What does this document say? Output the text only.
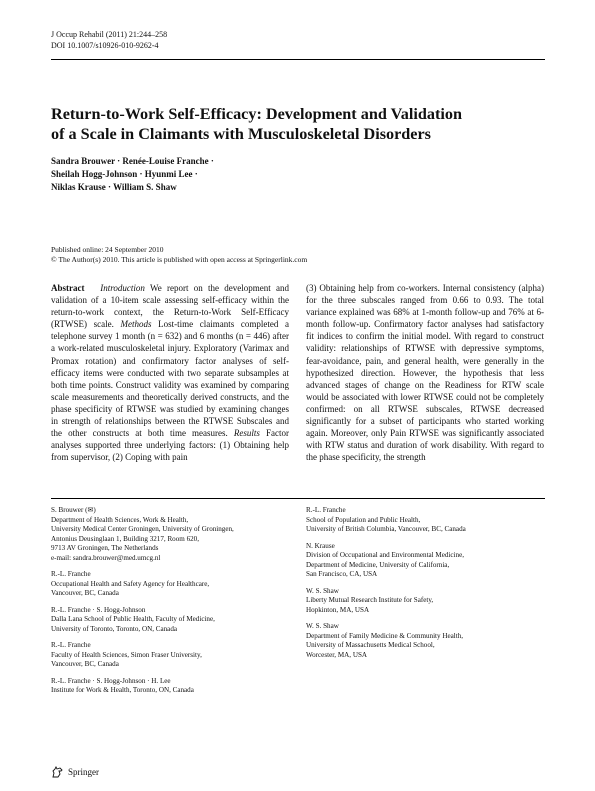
J Occup Rehabil (2011) 21:244–258
DOI 10.1007/s10926-010-9262-4
Return-to-Work Self-Efficacy: Development and Validation
of a Scale in Claimants with Musculoskeletal Disorders
Sandra Brouwer · Renée-Louise Franche ·
Sheilah Hogg-Johnson · Hyunmi Lee ·
Niklas Krause · William S. Shaw
Published online: 24 September 2010
© The Author(s) 2010. This article is published with open access at Springerlink.com
Abstract Introduction We report on the development and validation of a 10-item scale assessing self-efficacy within the return-to-work context, the Return-to-Work Self-Efficacy (RTWSE) scale. Methods Lost-time claimants completed a telephone survey 1 month (n = 632) and 6 months (n = 446) after a work-related musculoskeletal injury. Exploratory (Varimax and Promax rotation) and confirmatory factor analyses of self-efficacy items were conducted with two separate subsamples at both time points. Construct validity was examined by comparing scale measurements and theoretically derived constructs, and the phase specificity of RTWSE was studied by examining changes in strength of relationships between the RTWSE Subscales and the other constructs at both time measures. Results Factor analyses supported three underlying factors: (1) Obtaining help from supervisor, (2) Coping with pain
(3) Obtaining help from co-workers. Internal consistency (alpha) for the three subscales ranged from 0.66 to 0.93. The total variance explained was 68% at 1-month follow-up and 76% at 6-month follow-up. Confirmatory factor analyses had satisfactory fit indices to confirm the initial model. With regard to construct validity: relationships of RTWSE with depressive symptoms, fear-avoidance, pain, and general health, were generally in the hypothesized direction. However, the hypothesis that less advanced stages of change on the Readiness for RTW scale would be associated with lower RTWSE could not be completely confirmed: on all RTWSE subscales, RTWSE decreased significantly for a subset of participants who started working again. Moreover, only Pain RTWSE was significantly associated with RTW status and duration of work disability. With regard to the phase specificity, the strength
S. Brouwer (✉)
Department of Health Sciences, Work & Health,
University Medical Center Groningen, University of Groningen,
Antonius Deusinglaan 1, Building 3217, Room 620,
9713 AV Groningen, The Netherlands
e-mail: sandra.brouwer@med.umcg.nl
R.-L. Franche
Occupational Health and Safety Agency for Healthcare,
Vancouver, BC, Canada
R.-L. Franche · S. Hogg-Johnson
Dalla Lana School of Public Health, Faculty of Medicine,
University of Toronto, Toronto, ON, Canada
R.-L. Franche
Faculty of Health Sciences, Simon Fraser University,
Vancouver, BC, Canada
R.-L. Franche · S. Hogg-Johnson · H. Lee
Institute for Work & Health, Toronto, ON, Canada
R.-L. Franche
School of Population and Public Health,
University of British Columbia, Vancouver, BC, Canada
N. Krause
Division of Occupational and Environmental Medicine,
Department of Medicine, University of California,
San Francisco, CA, USA
W. S. Shaw
Liberty Mutual Research Institute for Safety,
Hopkinton, MA, USA
W. S. Shaw
Department of Family Medicine & Community Health,
University of Massachusetts Medical School,
Worcester, MA, USA
Springer
